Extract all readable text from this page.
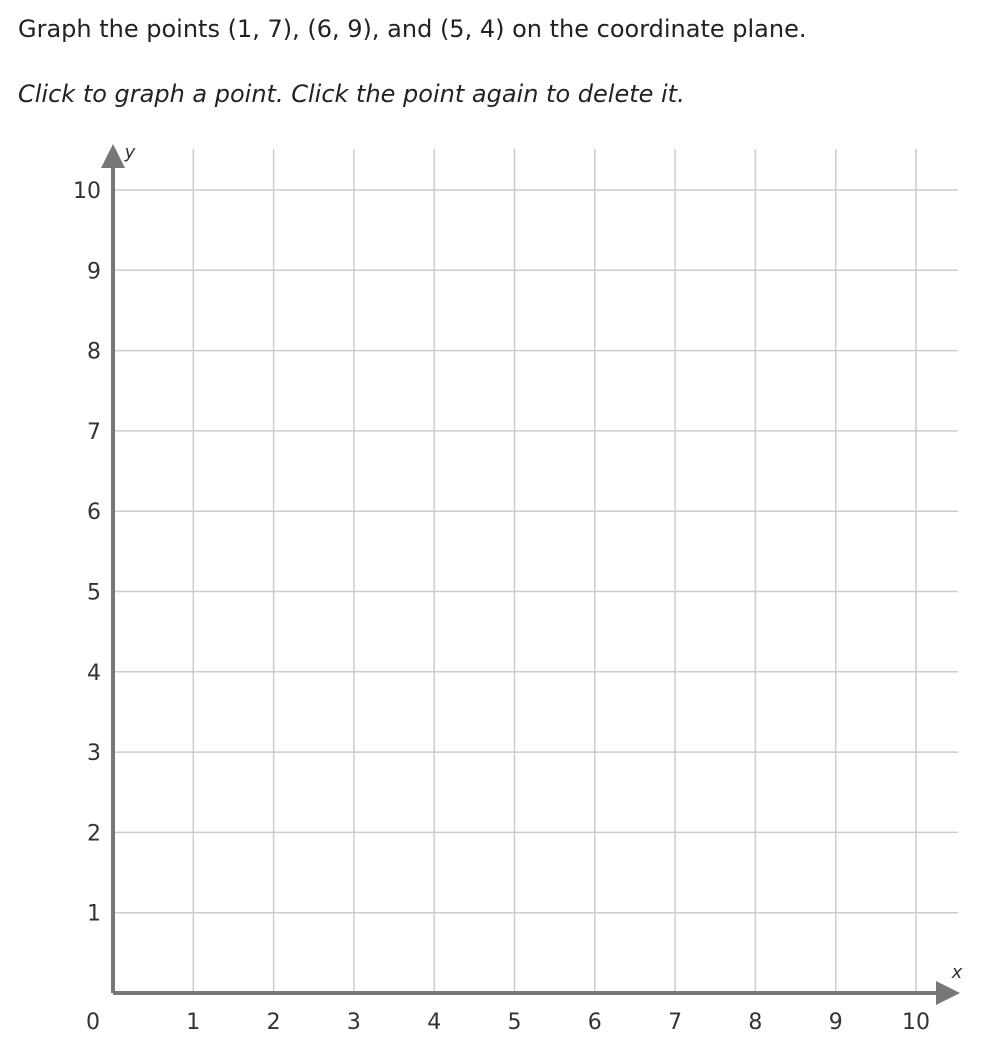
Graph the points (1, 7), (6, 9), and (5, 4) on the coordinate plane.

Click to graph a point. Click the point again to delete it.

0	1	2	3	4	5	6	7	8	9	10
1
2
3
4
5
6
7
8
9
10
x
y
